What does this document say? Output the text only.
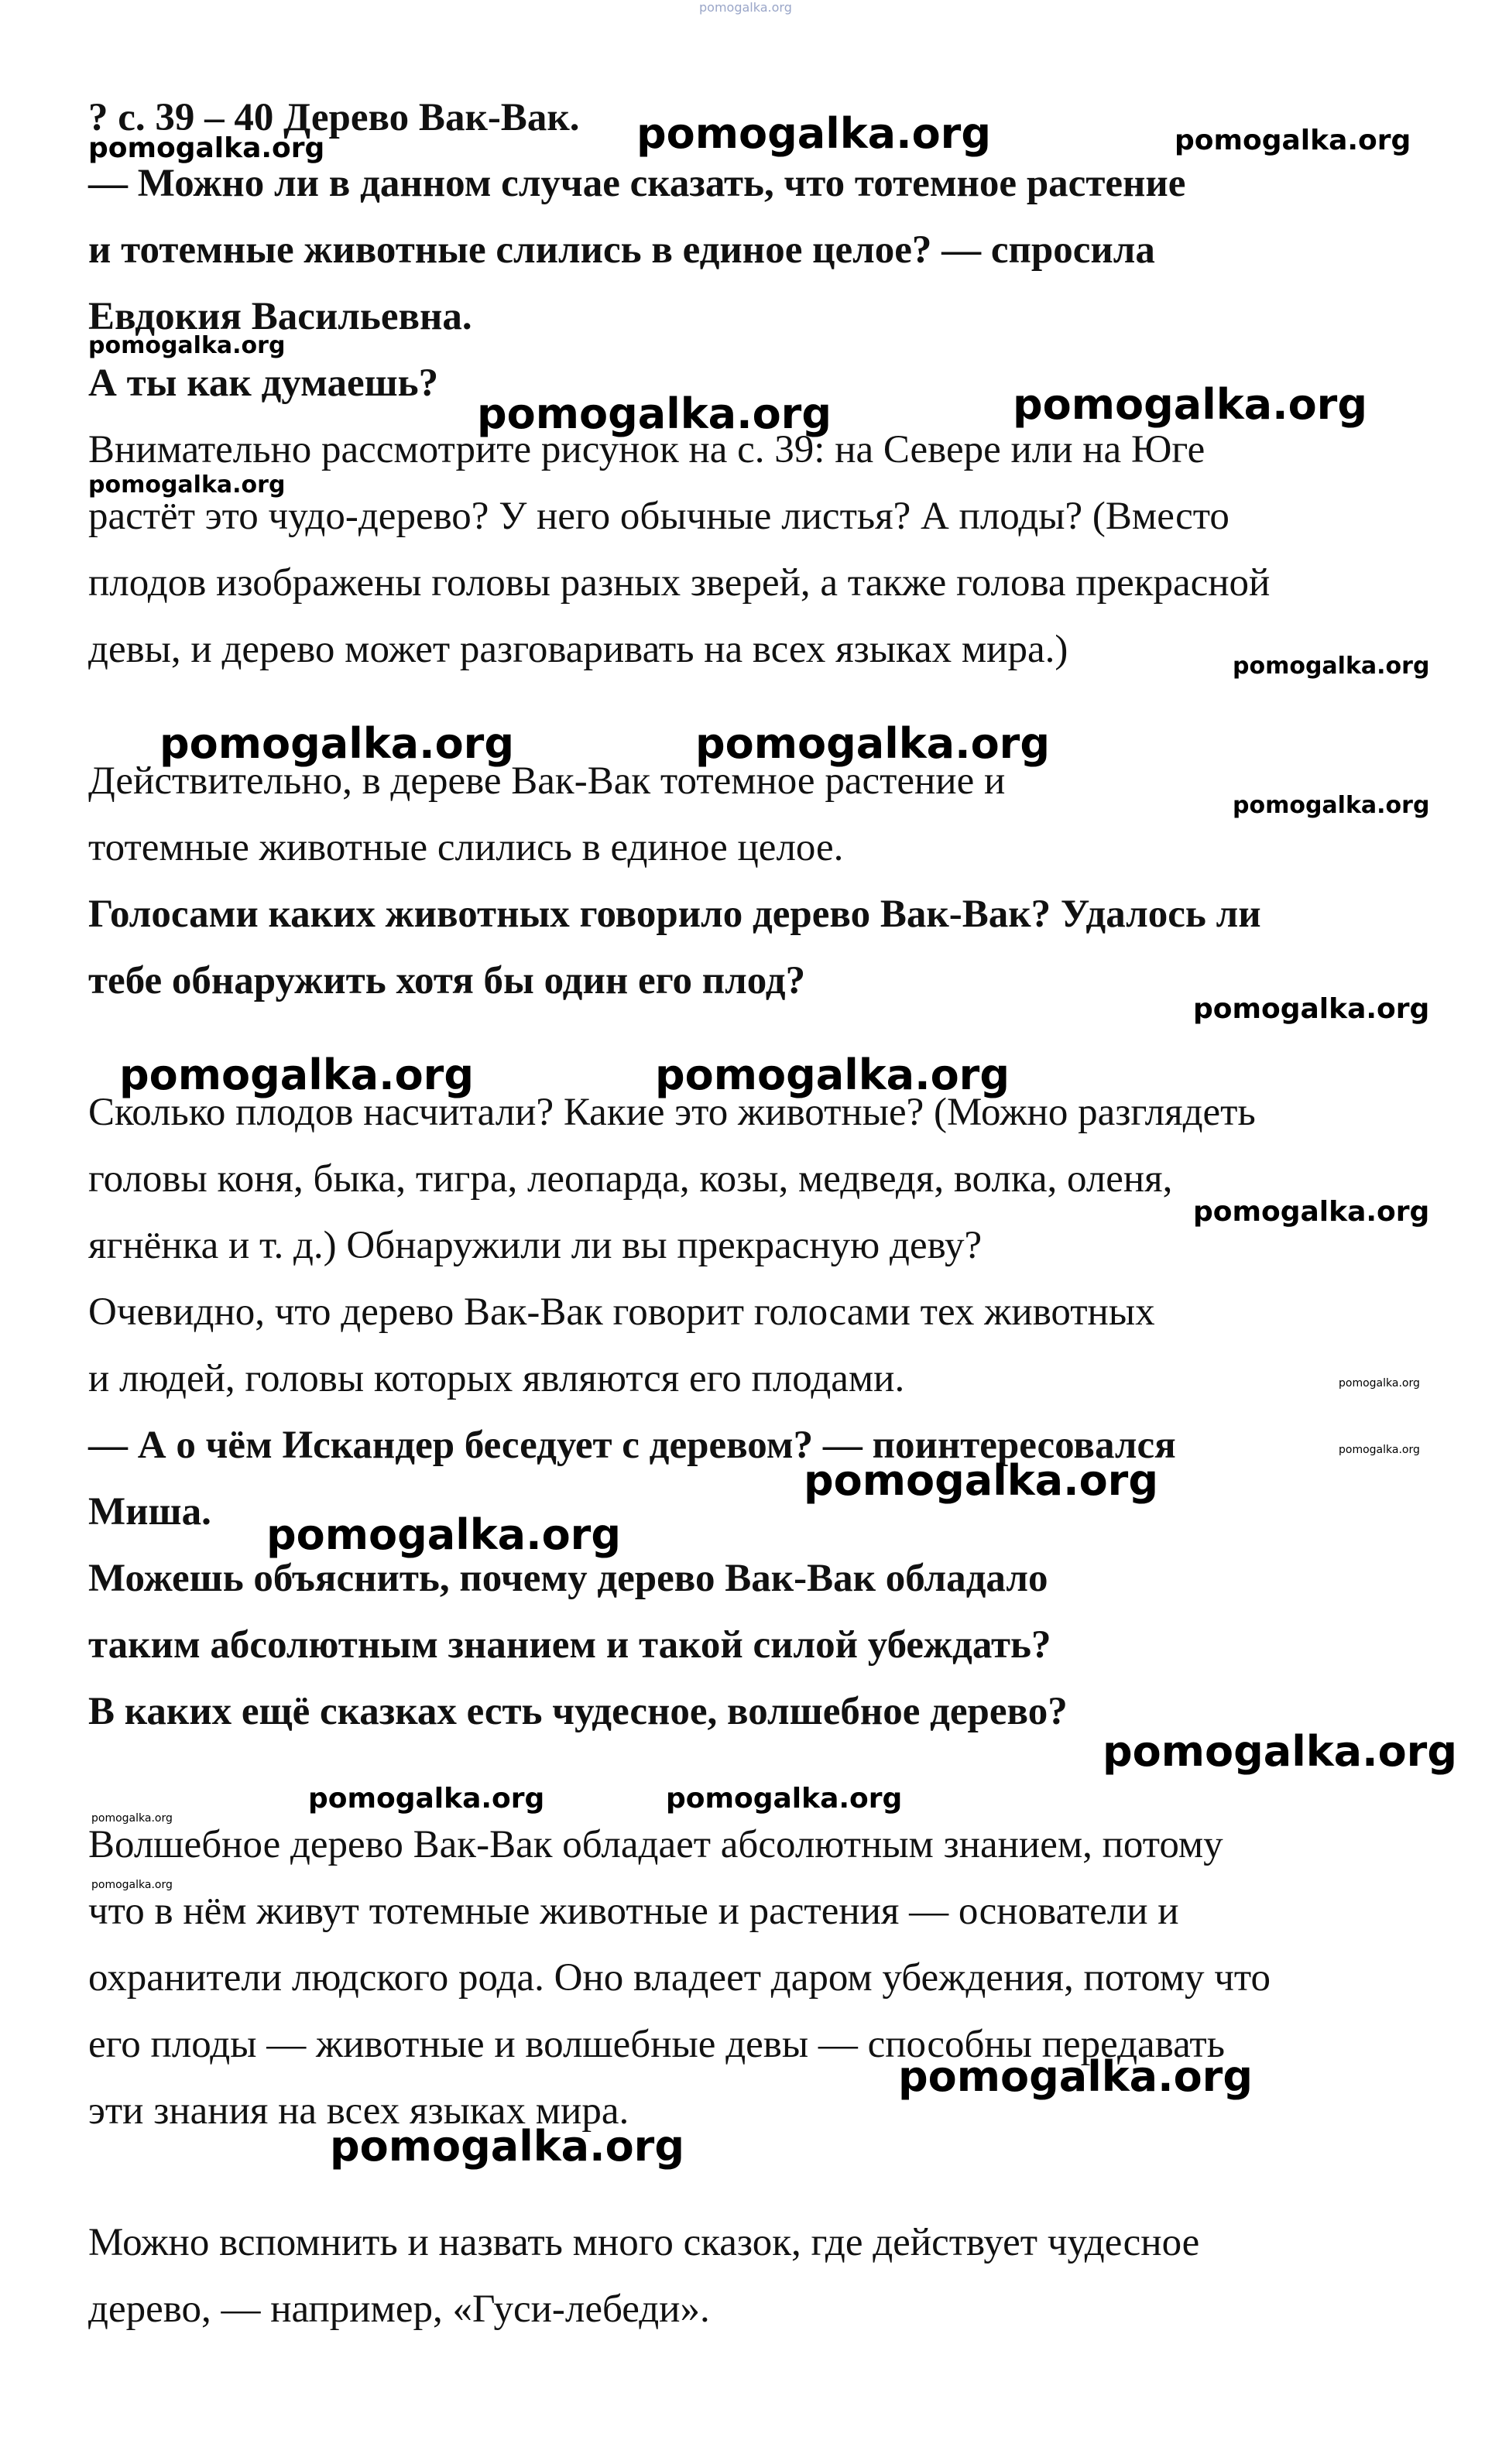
pomogalka.org
? с. 39 – 40 Дерево Вак-Вак.
— Можно ли в данном случае сказать, что тотемное растение
и тотемные животные слились в единое целое? — спросила
Евдокия Васильевна.
А ты как думаешь?
Внимательно рассмотрите рисунок на с. 39: на Севере или на Юге
растёт это чудо-дерево? У него обычные листья? А плоды? (Вместо
плодов изображены головы разных зверей, а также голова прекрасной
девы, и дерево может разговаривать на всех языках мира.)
Действительно, в дереве Вак-Вак тотемное растение и
тотемные животные слились в единое целое.
Голосами каких животных говорило дерево Вак-Вак? Удалось ли
тебе обнаружить хотя бы один его плод?
Сколько плодов насчитали? Какие это животные? (Можно разглядеть
головы коня, быка, тигра, леопарда, козы, медведя, волка, оленя,
ягнёнка и т. д.) Обнаружили ли вы прекрасную деву?
Очевидно, что дерево Вак-Вак говорит голосами тех животных
и людей, головы которых являются его плодами.
— А о чём Искандер беседует с деревом? — поинтересовался
Миша.
Можешь объяснить, почему дерево Вак-Вак обладало
таким абсолютным знанием и такой силой убеждать?
В каких ещё сказках есть чудесное, волшебное дерево?
Волшебное дерево Вак-Вак обладает абсолютным знанием, потому
что в нём живут тотемные животные и растения — основатели и
охранители людского рода. Оно владеет даром убеждения, потому что
его плоды — животные и волшебные девы — способны передавать
эти знания на всех языках мира.
Можно вспомнить и назвать много сказок, где действует чудесное
дерево, — например, «Гуси-лебеди».
pomogalka.org	pomogalka.org
pomogalka.org
pomogalka.org
pomogalka.org	pomogalka.org
pomogalka.org
pomogalka.org
pomogalka.org	pomogalka.org
pomogalka.org
pomogalka.org
pomogalka.org	pomogalka.org
pomogalka.org
pomogalka.org
pomogalka.org
pomogalka.org
pomogalka.org
pomogalka.org
pomogalka.org	pomogalka.org
pomogalka.org
pomogalka.org
pomogalka.org
pomogalka.org
